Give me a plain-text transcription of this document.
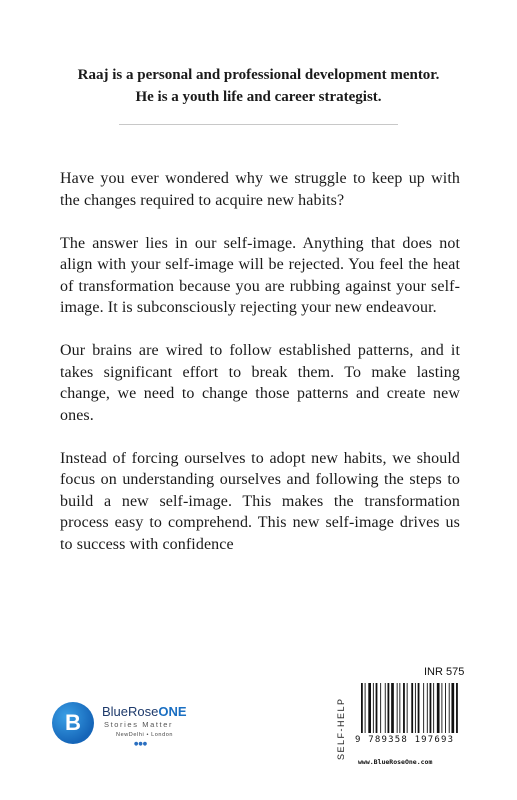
Raaj is a personal and professional development mentor.
He is a youth life and career strategist.

Have you ever wondered why we struggle to keep up with the changes required to acquire new habits?

The answer lies in our self-image. Anything that does not align with your self-image will be rejected. You feel the heat of transformation because you are rubbing against your self-image. It is subconsciously rejecting your new endeavour.

Our brains are wired to follow established patterns, and it takes significant effort to break them. To make lasting change, we need to change those patterns and create new ones.

Instead of forcing ourselves to adopt new habits, we should focus on understanding ourselves and following the steps to build a new self-image. This makes the transformation process easy to comprehend. This new self-image drives us to success with confidence

B	BlueRoseONE
Stories Matter
NewDelhi • London
●●●	SELF-HELP
INR 575
9 789358 197693
www.BlueRoseOne.com
